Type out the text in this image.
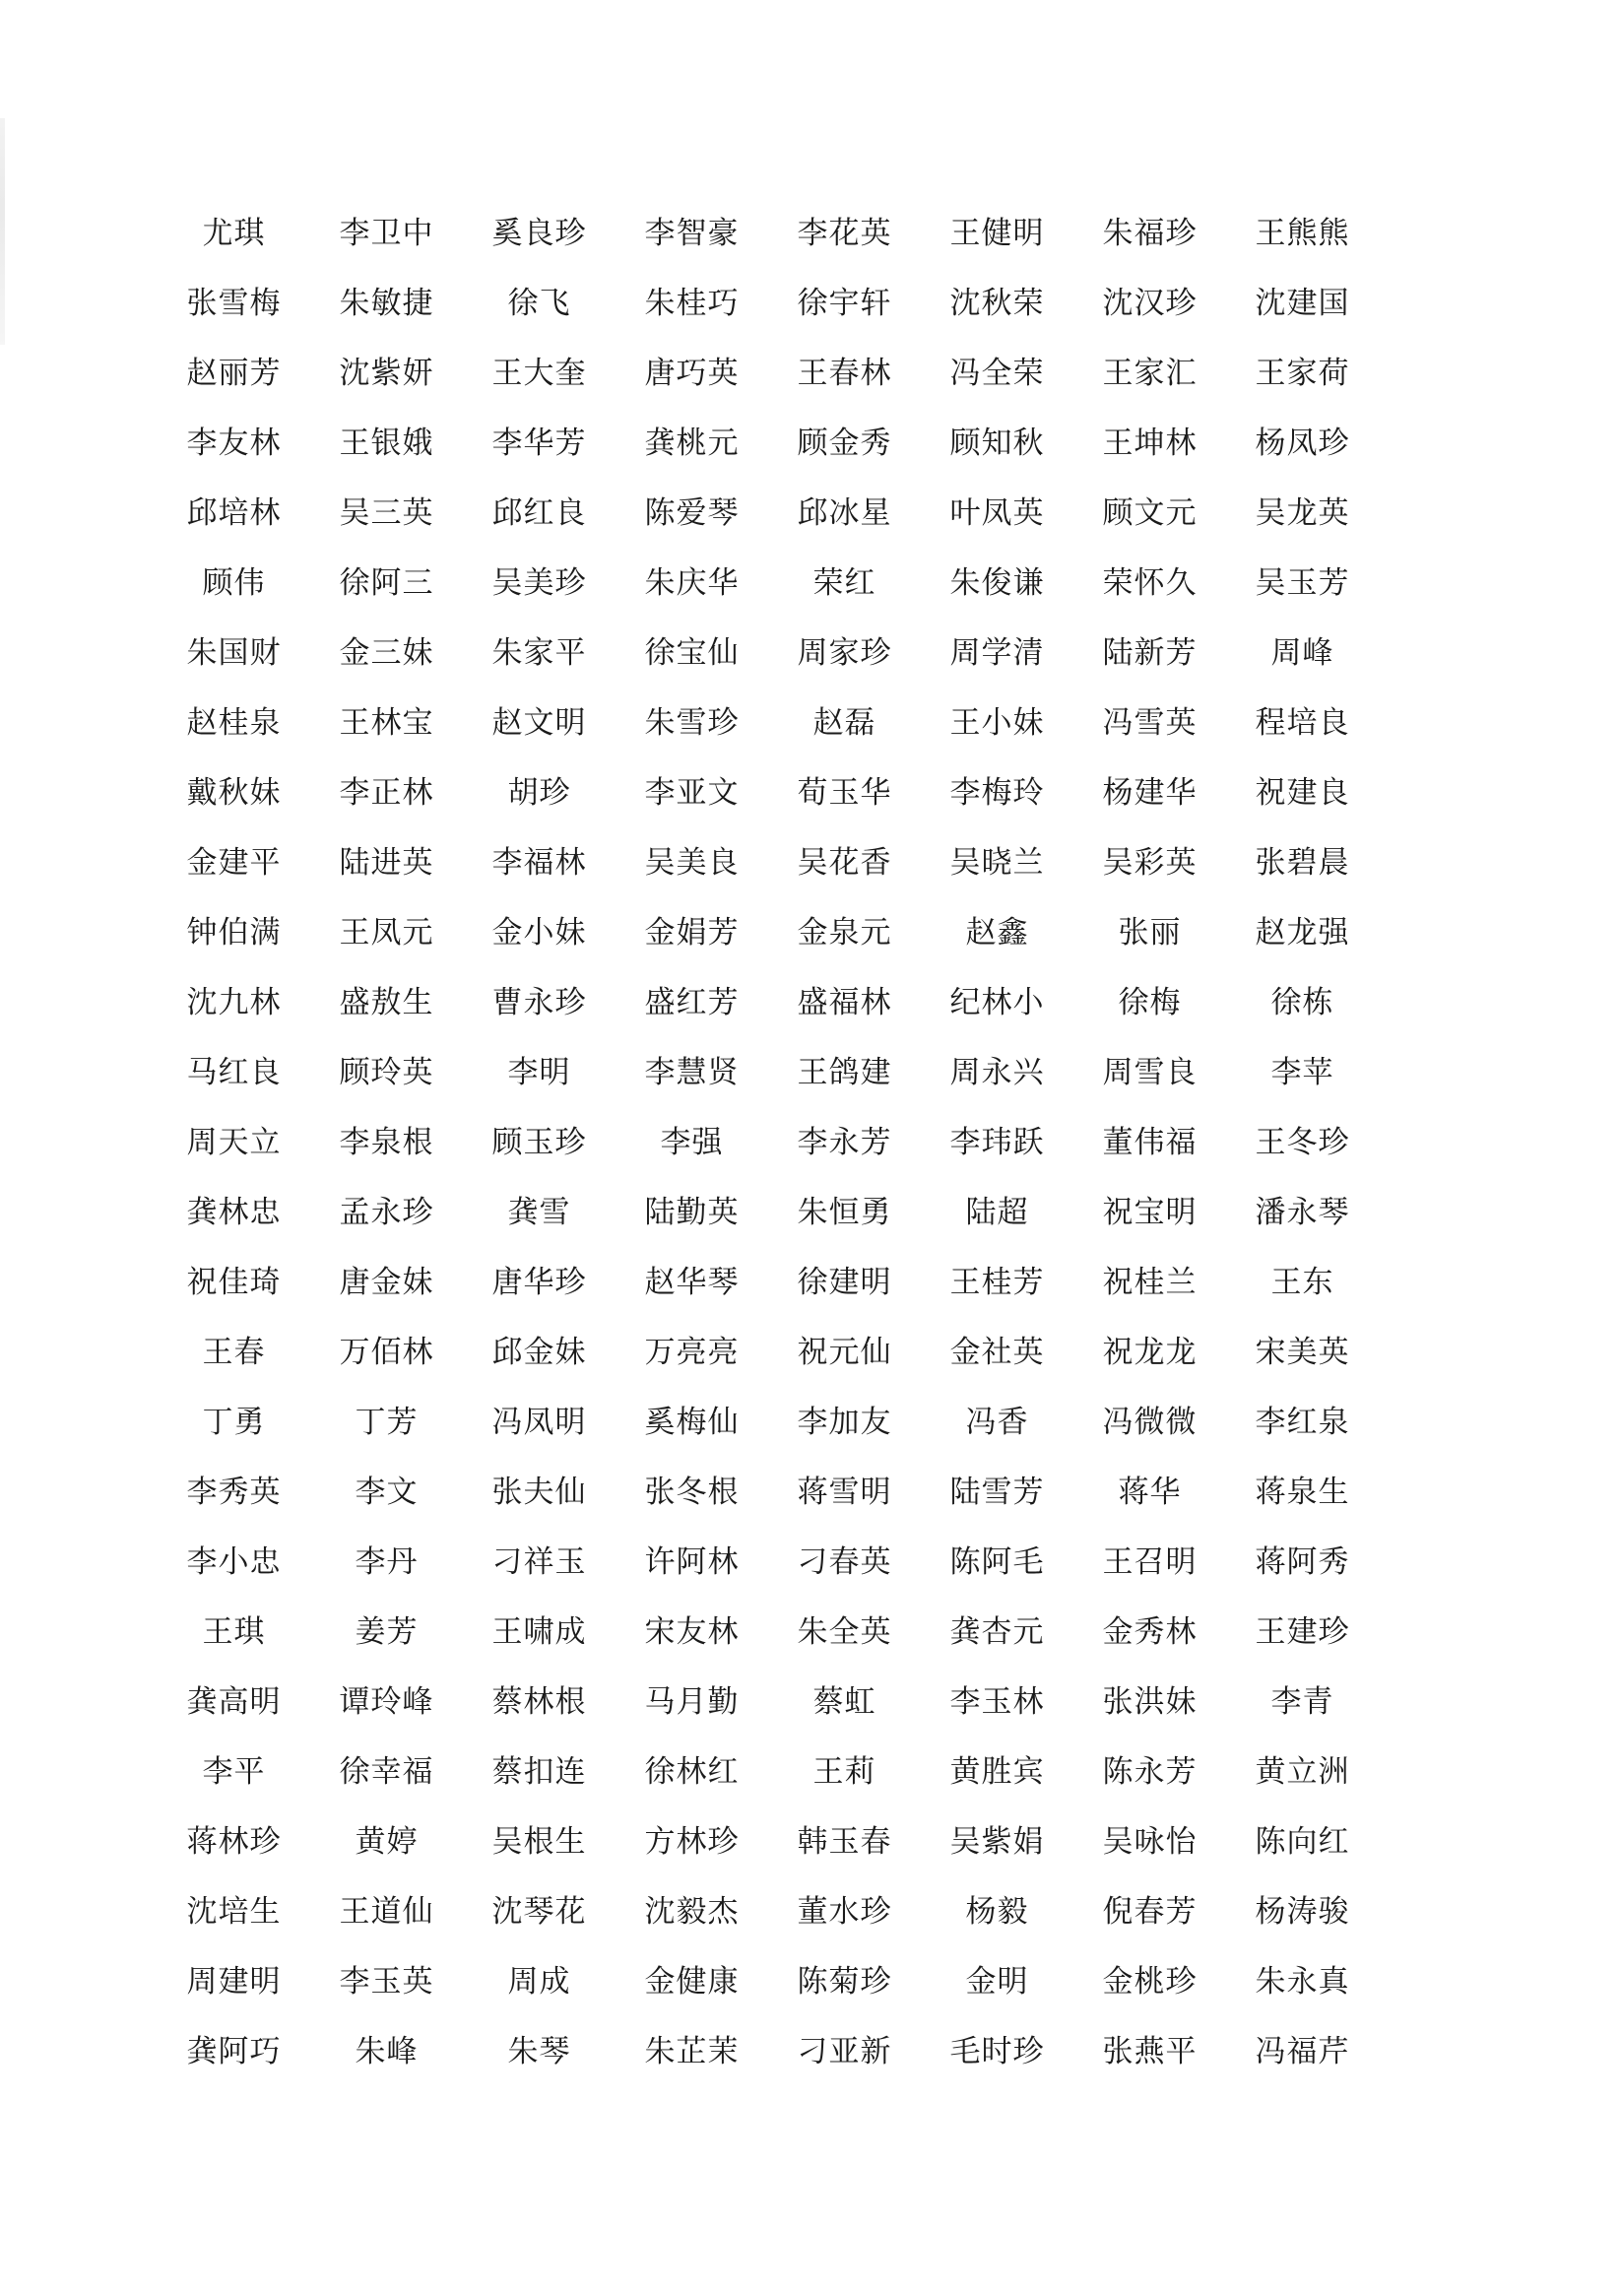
尤琪	李卫中	奚良珍	李智豪	李花英	王健明	朱福珍	王熊熊
张雪梅	朱敏捷	徐飞	朱桂巧	徐宇轩	沈秋荣	沈汉珍	沈建国
赵丽芳	沈紫妍	王大奎	唐巧英	王春林	冯全荣	王家汇	王家荷
李友林	王银娥	李华芳	龚桃元	顾金秀	顾知秋	王坤林	杨凤珍
邱培林	吴三英	邱红良	陈爱琴	邱冰星	叶凤英	顾文元	吴龙英
顾伟	徐阿三	吴美珍	朱庆华	荣红	朱俊谦	荣怀久	吴玉芳
朱国财	金三妹	朱家平	徐宝仙	周家珍	周学清	陆新芳	周峰
赵桂泉	王林宝	赵文明	朱雪珍	赵磊	王小妹	冯雪英	程培良
戴秋妹	李正林	胡珍	李亚文	荀玉华	李梅玲	杨建华	祝建良
金建平	陆进英	李福林	吴美良	吴花香	吴晓兰	吴彩英	张碧晨
钟伯满	王凤元	金小妹	金娟芳	金泉元	赵鑫	张丽	赵龙强
沈九林	盛敖生	曹永珍	盛红芳	盛福林	纪林小	徐梅	徐栋
马红良	顾玲英	李明	李慧贤	王鸽建	周永兴	周雪良	李苹
周天立	李泉根	顾玉珍	李强	李永芳	李玮跃	董伟福	王冬珍
龚林忠	孟永珍	龚雪	陆勤英	朱恒勇	陆超	祝宝明	潘永琴
祝佳琦	唐金妹	唐华珍	赵华琴	徐建明	王桂芳	祝桂兰	王东
王春	万佰林	邱金妹	万亮亮	祝元仙	金社英	祝龙龙	宋美英
丁勇	丁芳	冯凤明	奚梅仙	李加友	冯香	冯微微	李红泉
李秀英	李文	张夫仙	张冬根	蒋雪明	陆雪芳	蒋华	蒋泉生
李小忠	李丹	刁祥玉	许阿林	刁春英	陈阿毛	王召明	蒋阿秀
王琪	姜芳	王啸成	宋友林	朱全英	龚杏元	金秀林	王建珍
龚高明	谭玲峰	蔡林根	马月勤	蔡虹	李玉林	张洪妹	李青
李平	徐幸福	蔡扣连	徐林红	王莉	黄胜宾	陈永芳	黄立洲
蒋林珍	黄婷	吴根生	方林珍	韩玉春	吴紫娟	吴咏怡	陈向红
沈培生	王道仙	沈琴花	沈毅杰	董水珍	杨毅	倪春芳	杨涛骏
周建明	李玉英	周成	金健康	陈菊珍	金明	金桃珍	朱永真
龚阿巧	朱峰	朱琴	朱芷茉	刁亚新	毛时珍	张燕平	冯福芹
